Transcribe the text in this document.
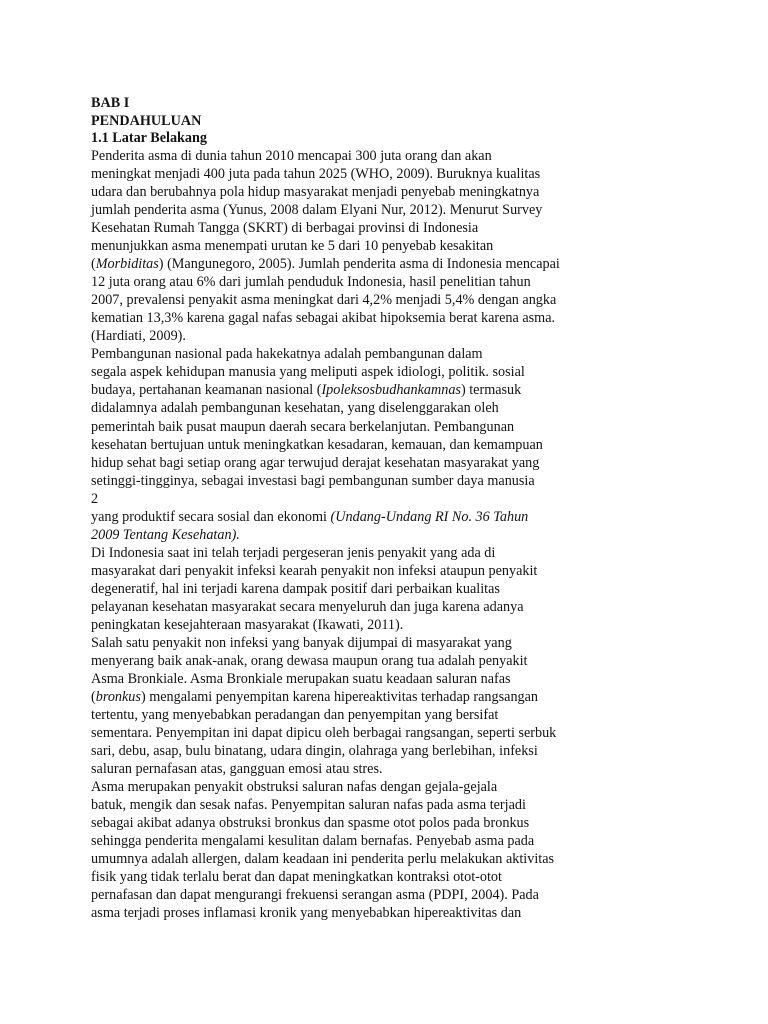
BAB I

PENDAHULUAN

1.1 Latar Belakang

Penderita asma di dunia tahun 2010 mencapai 300 juta orang dan akan

meningkat menjadi 400 juta pada tahun 2025 (WHO, 2009). Buruknya kualitas

udara dan berubahnya pola hidup masyarakat menjadi penyebab meningkatnya

jumlah penderita asma (Yunus, 2008 dalam Elyani Nur, 2012). Menurut Survey

Kesehatan Rumah Tangga (SKRT) di berbagai provinsi di Indonesia

menunjukkan asma menempati urutan ke 5 dari 10 penyebab kesakitan

(Morbiditas) (Mangunegoro, 2005). Jumlah penderita asma di Indonesia mencapai

12 juta orang atau 6% dari jumlah penduduk Indonesia, hasil penelitian tahun

2007, prevalensi penyakit asma meningkat dari 4,2% menjadi 5,4% dengan angka

kematian 13,3% karena gagal nafas sebagai akibat hipoksemia berat karena asma.

(Hardiati, 2009).

Pembangunan nasional pada hakekatnya adalah pembangunan dalam

segala aspek kehidupan manusia yang meliputi aspek idiologi, politik. sosial

budaya, pertahanan keamanan nasional (Ipoleksosbudhankamnas) termasuk

didalamnya adalah pembangunan kesehatan, yang diselenggarakan oleh

pemerintah baik pusat maupun daerah secara berkelanjutan. Pembangunan

kesehatan bertujuan untuk meningkatkan kesadaran, kemauan, dan kemampuan

hidup sehat bagi setiap orang agar terwujud derajat kesehatan masyarakat yang

setinggi-tingginya, sebagai investasi bagi pembangunan sumber daya manusia

2

yang produktif secara sosial dan ekonomi (Undang-Undang RI No. 36 Tahun

2009 Tentang Kesehatan).

Di Indonesia saat ini telah terjadi pergeseran jenis penyakit yang ada di

masyarakat dari penyakit infeksi kearah penyakit non infeksi ataupun penyakit

degeneratif, hal ini terjadi karena dampak positif dari perbaikan kualitas

pelayanan kesehatan masyarakat secara menyeluruh dan juga karena adanya

peningkatan kesejahteraan masyarakat (Ikawati, 2011).

Salah satu penyakit non infeksi yang banyak dijumpai di masyarakat yang

menyerang baik anak-anak, orang dewasa maupun orang tua adalah penyakit

Asma Bronkiale. Asma Bronkiale merupakan suatu keadaan saluran nafas

(bronkus) mengalami penyempitan karena hipereaktivitas terhadap rangsangan

tertentu, yang menyebabkan peradangan dan penyempitan yang bersifat

sementara. Penyempitan ini dapat dipicu oleh berbagai rangsangan, seperti serbuk

sari, debu, asap, bulu binatang, udara dingin, olahraga yang berlebihan, infeksi

saluran pernafasan atas, gangguan emosi atau stres.

Asma merupakan penyakit obstruksi saluran nafas dengan gejala-gejala

batuk, mengik dan sesak nafas. Penyempitan saluran nafas pada asma terjadi

sebagai akibat adanya obstruksi bronkus dan spasme otot polos pada bronkus

sehingga penderita mengalami kesulitan dalam bernafas. Penyebab asma pada

umumnya adalah allergen, dalam keadaan ini penderita perlu melakukan aktivitas

fisik yang tidak terlalu berat dan dapat meningkatkan kontraksi otot-otot

pernafasan dan dapat mengurangi frekuensi serangan asma (PDPI, 2004). Pada

asma terjadi proses inflamasi kronik yang menyebabkan hipereaktivitas dan
